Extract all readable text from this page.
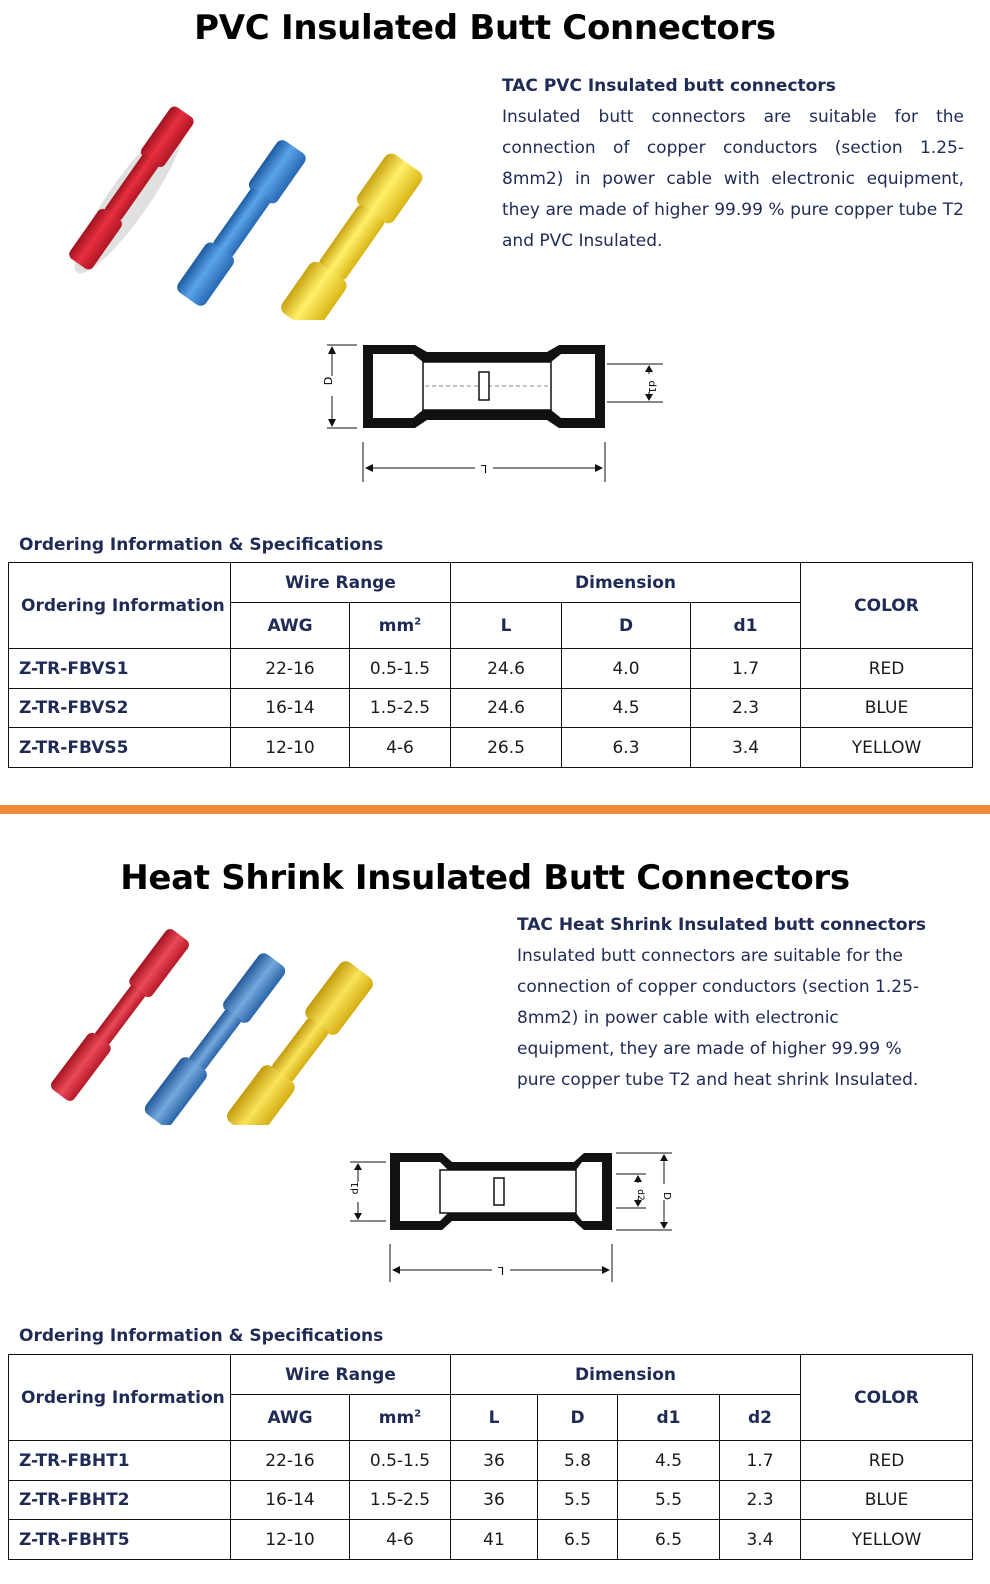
PVC Insulated Butt Connectors
TAC PVC Insulated butt connectors
Insulated butt connectors are suitable for the connection of copper conductors (section 1.25-8mm2) in power cable with electronic equipment, they are made of higher 99.99 % pure copper tube T2 and PVC Insulated.
D	d1
L
Ordering Information & Specifications
Ordering Information	Wire Range		Dimension			COLOR
	AWG	$mm^2$	L	D	d1	
Z-TR-FBVS1	22-16	0.5-1.5	24.6	4.0	1.7	RED
Z-TR-FBVS2	16-14	1.5-2.5	24.6	4.5	2.3	BLUE
Z-TR-FBVS5	12-10	4-6	26.5	6.3	3.4	YELLOW
Heat Shrink Insulated Butt Connectors
TAC Heat Shrink Insulated butt connectors
Insulated butt connectors are suitable for the
connection of copper conductors (section 1.25-
8mm2) in power cable with electronic
equipment, they are made of higher 99.99 %
pure copper tube T2 and heat shrink Insulated.
d1
d2 D
L
Ordering Information & Specifications
Ordering Information	Wire Range		Dimension				COLOR
	AWG	$mm^2$	L	D	d1	d2	
Z-TR-FBHT1	22-16	0.5-1.5	36	5.8	4.5	1.7	RED
Z-TR-FBHT2	16-14	1.5-2.5	36	5.5	5.5	2.3	BLUE
Z-TR-FBHT5	12-10	4-6	41	6.5	6.5	3.4	YELLOW
